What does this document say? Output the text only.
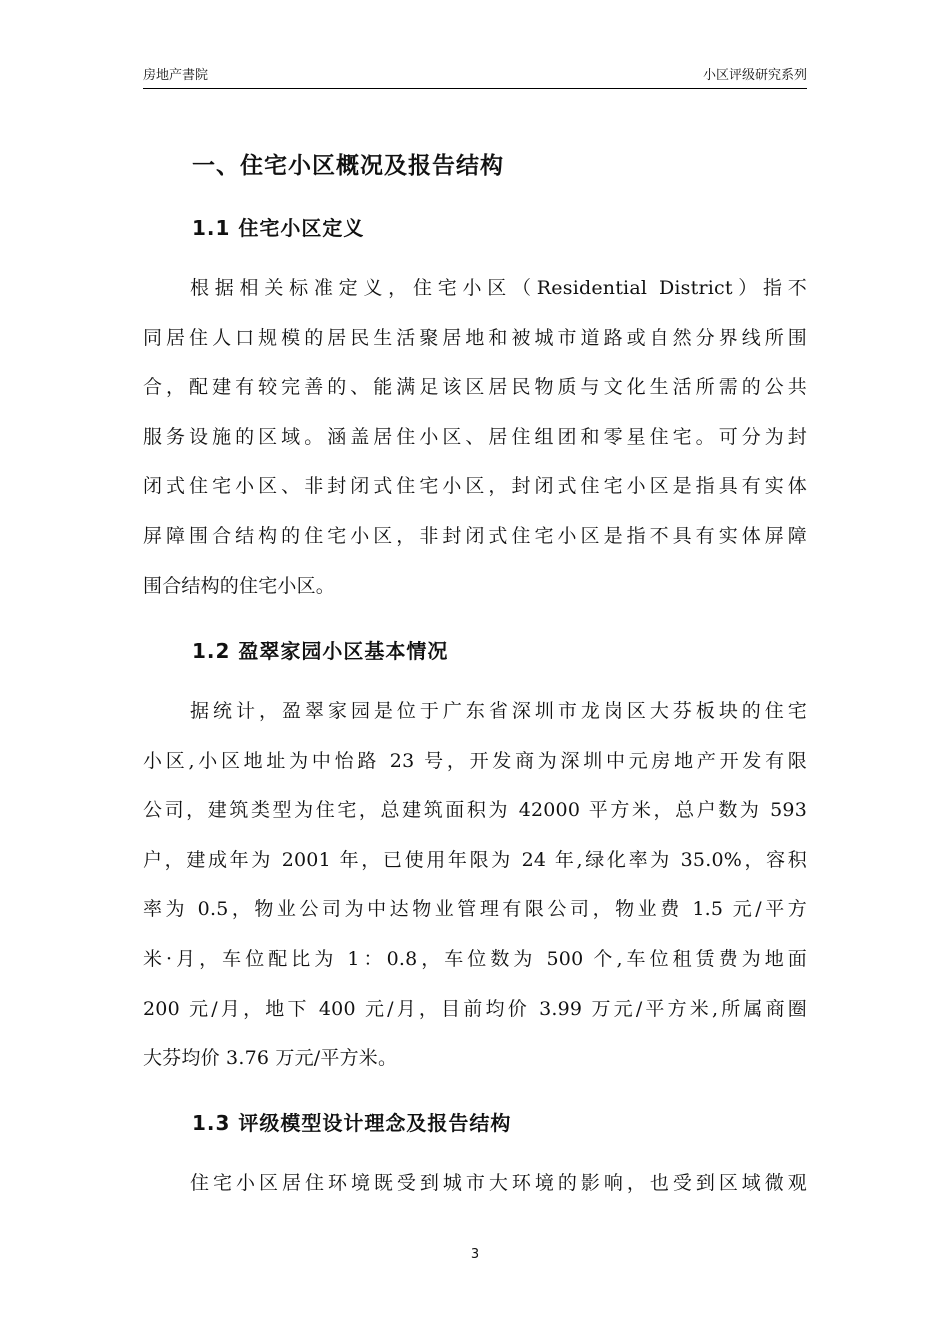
房地产書院	小区评级研究系列
一、住宅小区概况及报告结构
1.1 住宅小区定义
根据相关标准定义，住宅小区（Residential District）指不
同居住人口规模的居民生活聚居地和被城市道路或自然分界线所围
合，配建有较完善的、能满足该区居民物质与文化生活所需的公共
服务设施的区域。涵盖居住小区、居住组团和零星住宅。可分为封
闭式住宅小区、非封闭式住宅小区，封闭式住宅小区是指具有实体
屏障围合结构的住宅小区，非封闭式住宅小区是指不具有实体屏障
围合结构的住宅小区。
1.2 盈翠家园小区基本情况
据统计，盈翠家园是位于广东省深圳市龙岗区大芬板块的住宅
小区,小区地址为中怡路 23 号，开发商为深圳中元房地产开发有限
公司，建筑类型为住宅，总建筑面积为 42000 平方米，总户数为 593
户，建成年为 2001 年，已使用年限为 24 年,绿化率为 35.0%，容积
率为 0.5，物业公司为中达物业管理有限公司，物业费 1.5 元/平方
米·月，车位配比为 1：0.8，车位数为 500 个,车位租赁费为地面
200 元/月，地下 400 元/月，目前均价 3.99 万元/平方米,所属商圈
大芬均价 3.76 万元/平方米。
1.3 评级模型设计理念及报告结构
住宅小区居住环境既受到城市大环境的影响，也受到区域微观
3
